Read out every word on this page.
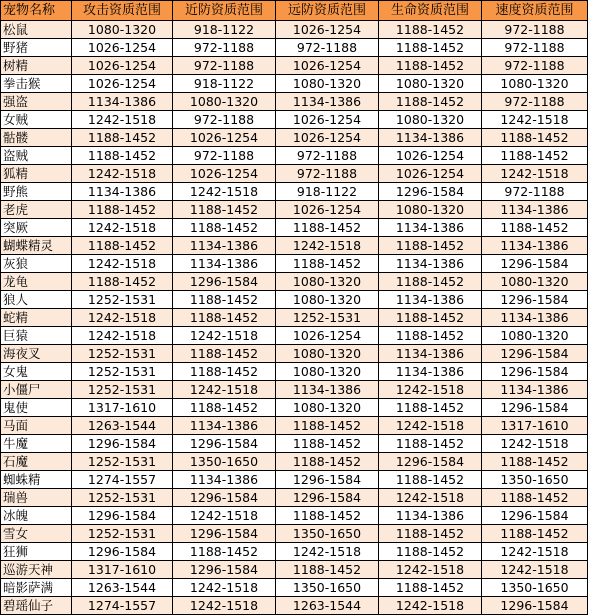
宠物名称	攻击资质范围	近防资质范围	远防资质范围	生命资质范围	速度资质范围
松鼠	1080-1320	918-1122	1026-1254	1188-1452	972-1188
野猪	1026-1254	972-1188	972-1188	1188-1452	972-1188
树精	1026-1254	972-1188	1026-1254	1188-1452	972-1188
拳击猴	1026-1254	918-1122	1080-1320	1080-1320	1080-1320
强盗	1134-1386	1080-1320	1134-1386	1188-1452	972-1188
女贼	1242-1518	972-1188	1026-1254	1080-1320	1242-1518
骷髅	1188-1452	1026-1254	1026-1254	1134-1386	1188-1452
盗贼	1188-1452	972-1188	972-1188	1026-1254	1188-1452
狐精	1242-1518	1026-1254	972-1188	1026-1254	1242-1518
野熊	1134-1386	1242-1518	918-1122	1296-1584	972-1188
老虎	1188-1452	1188-1452	1026-1254	1080-1320	1134-1386
突厥	1242-1518	1188-1452	1188-1452	1134-1386	1188-1452
蝴蝶精灵	1188-1452	1134-1386	1242-1518	1188-1452	1134-1386
灰狼	1242-1518	1134-1386	1188-1452	1134-1386	1296-1584
龙龟	1188-1452	1296-1584	1080-1320	1188-1452	1080-1320
狼人	1252-1531	1188-1452	1080-1320	1134-1386	1296-1584
蛇精	1242-1518	1188-1452	1252-1531	1188-1452	1134-1386
巨猿	1242-1518	1242-1518	1026-1254	1188-1452	1080-1320
海夜叉	1252-1531	1188-1452	1080-1320	1134-1386	1296-1584
女鬼	1252-1531	1188-1452	1080-1320	1134-1386	1296-1584
小僵尸	1252-1531	1242-1518	1134-1386	1242-1518	1134-1386
鬼使	1317-1610	1188-1452	1080-1320	1188-1452	1296-1584
马面	1263-1544	1134-1386	1188-1452	1242-1518	1317-1610
牛魔	1296-1584	1296-1584	1188-1452	1188-1452	1242-1518
石魔	1252-1531	1350-1650	1188-1452	1296-1584	1188-1452
蜘蛛精	1274-1557	1134-1386	1296-1584	1188-1452	1350-1650
瑞兽	1252-1531	1296-1584	1296-1584	1242-1518	1188-1452
冰魄	1296-1584	1242-1518	1188-1452	1134-1386	1296-1584
雪女	1252-1531	1296-1584	1350-1650	1188-1452	1188-1452
狂狮	1296-1584	1188-1452	1242-1518	1188-1452	1242-1518
巡游天神	1317-1610	1296-1584	1188-1452	1242-1518	1242-1518
暗影萨满	1263-1544	1242-1518	1350-1650	1188-1452	1350-1650
碧瑶仙子	1274-1557	1242-1518	1263-1544	1242-1518	1296-1584
